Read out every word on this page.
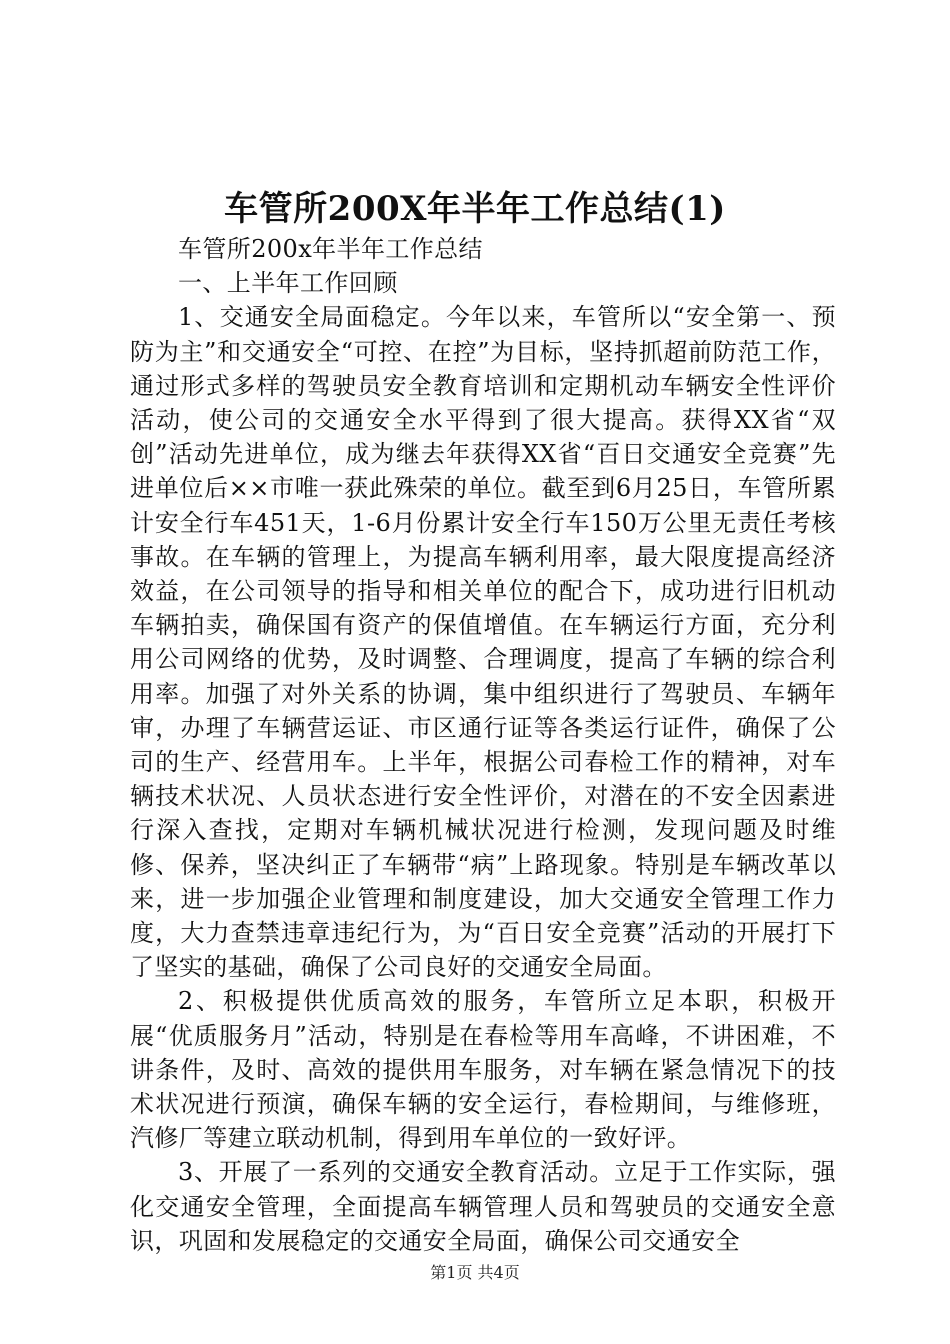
车管所200X年半年工作总结(1)

车管所200x年半年工作总结

一、上半年工作回顾

1、交通安全局面稳定。今年以来，车管所以“安全第一、预防为主”和交通安全“可控、在控”为目标，坚持抓超前防范工作，通过形式多样的驾驶员安全教育培训和定期机动车辆安全性评价活动，使公司的交通安全水平得到了很大提高。获得XX省“双创”活动先进单位，成为继去年获得XX省“百日交通安全竞赛”先进单位后××市唯一获此殊荣的单位。截至到6月25日，车管所累计安全行车451天，1-6月份累计安全行车150万公里无责任考核事故。在车辆的管理上，为提高车辆利用率，最大限度提高经济效益，在公司领导的指导和相关单位的配合下，成功进行旧机动车辆拍卖，确保国有资产的保值增值。在车辆运行方面，充分利用公司网络的优势，及时调整、合理调度，提高了车辆的综合利用率。加强了对外关系的协调，集中组织进行了驾驶员、车辆年审，办理了车辆营运证、市区通行证等各类运行证件，确保了公司的生产、经营用车。上半年，根据公司春检工作的精神，对车辆技术状况、人员状态进行安全性评价，对潜在的不安全因素进行深入查找，定期对车辆机械状况进行检测，发现问题及时维修、保养，坚决纠正了车辆带“病”上路现象。特别是车辆改革以来，进一步加强企业管理和制度建设，加大交通安全管理工作力度，大力查禁违章违纪行为，为“百日安全竞赛”活动的开展打下了坚实的基础，确保了公司良好的交通安全局面。

2、积极提供优质高效的服务，车管所立足本职，积极开展“优质服务月”活动，特别是在春检等用车高峰，不讲困难，不讲条件，及时、高效的提供用车服务，对车辆在紧急情况下的技术状况进行预演，确保车辆的安全运行，春检期间，与维修班，汽修厂等建立联动机制，得到用车单位的一致好评。

3、开展了一系列的交通安全教育活动。立足于工作实际，强化交通安全管理，全面提高车辆管理人员和驾驶员的交通安全意识，巩固和发展稳定的交通安全局面，确保公司交通安全

第1页 共4页
